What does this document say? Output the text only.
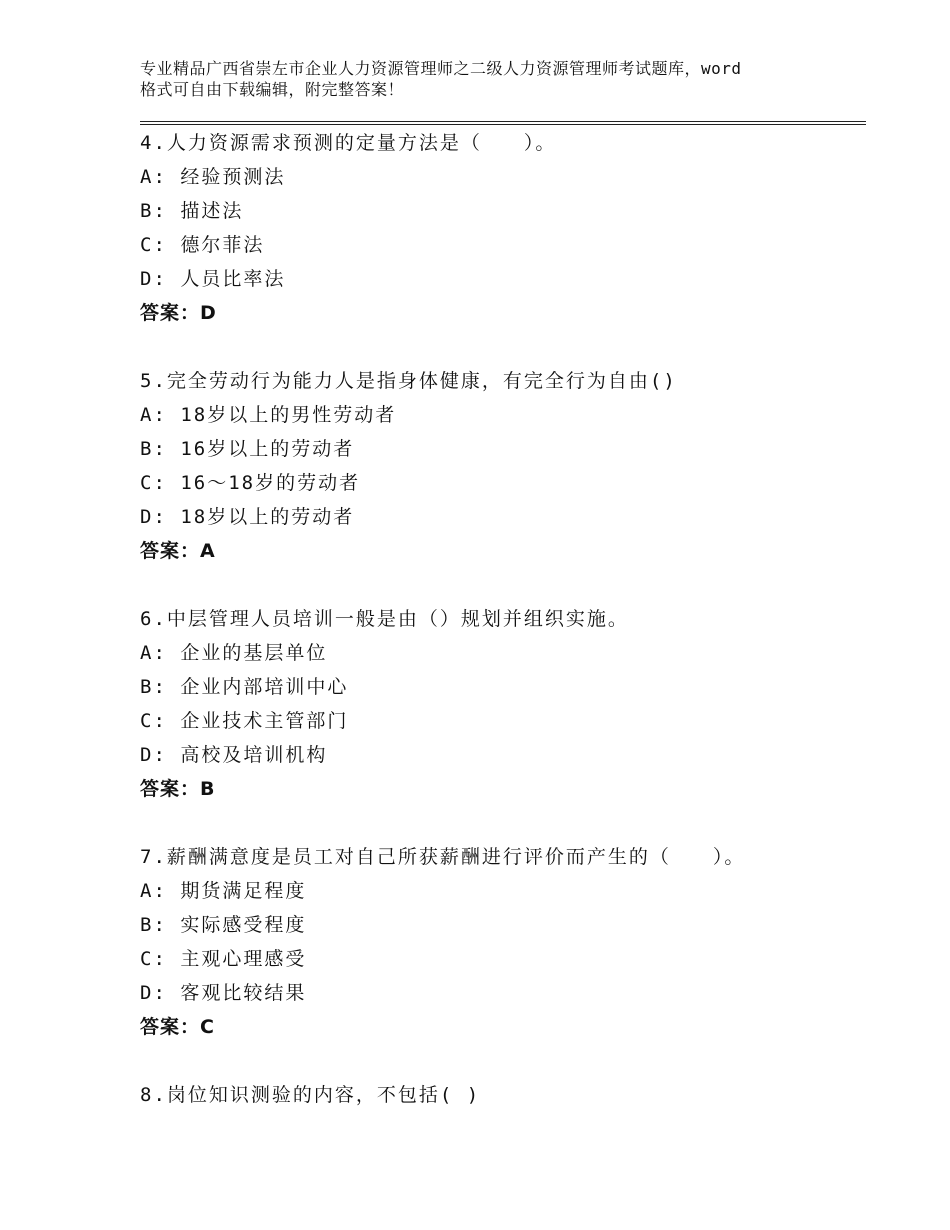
专业精品广西省崇左市企业人力资源管理师之二级人力资源管理师考试题库，word
格式可自由下载编辑，附完整答案！
4.人力资源需求预测的定量方法是（　　）。
A: 经验预测法
B: 描述法
C: 德尔菲法
D: 人员比率法
答案：D
5.完全劳动行为能力人是指身体健康，有完全行为自由()
A: 18岁以上的男性劳动者
B: 16岁以上的劳动者
C: 16～18岁的劳动者
D: 18岁以上的劳动者
答案：A
6.中层管理人员培训一般是由（）规划并组织实施。
A: 企业的基层单位
B: 企业内部培训中心
C: 企业技术主管部门
D: 高校及培训机构
答案：B
7.薪酬满意度是员工对自己所获薪酬进行评价而产生的（　　）。
A: 期货满足程度
B: 实际感受程度
C: 主观心理感受
D: 客观比较结果
答案：C
8.岗位知识测验的内容，不包括( )
